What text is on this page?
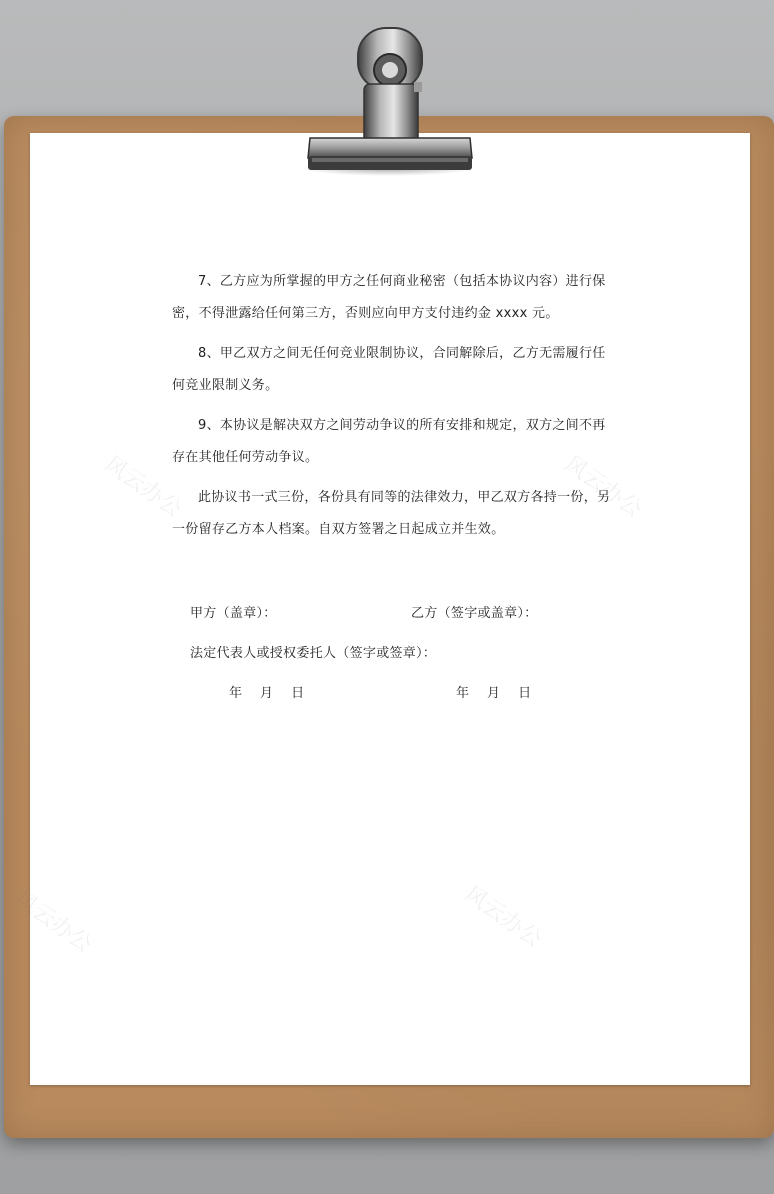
风云办公	风云办公
风云办公	风云办公

7、乙方应为所掌握的甲方之任何商业秘密（包括本协议内容）进行保密，不得泄露给任何第三方，否则应向甲方支付违约金 xxxx 元。

8、甲乙双方之间无任何竞业限制协议，合同解除后，乙方无需履行任何竞业限制义务。

9、本协议是解决双方之间劳动争议的所有安排和规定，双方之间不再存在其他任何劳动争议。

此协议书一式三份，各份具有同等的法律效力，甲乙双方各持一份，另一份留存乙方本人档案。自双方签署之日起成立并生效。

甲方（盖章）：	乙方（签字或盖章）：
法定代表人或授权委托人（签字或签章）：
年　 月　 日	年　 月　 日
